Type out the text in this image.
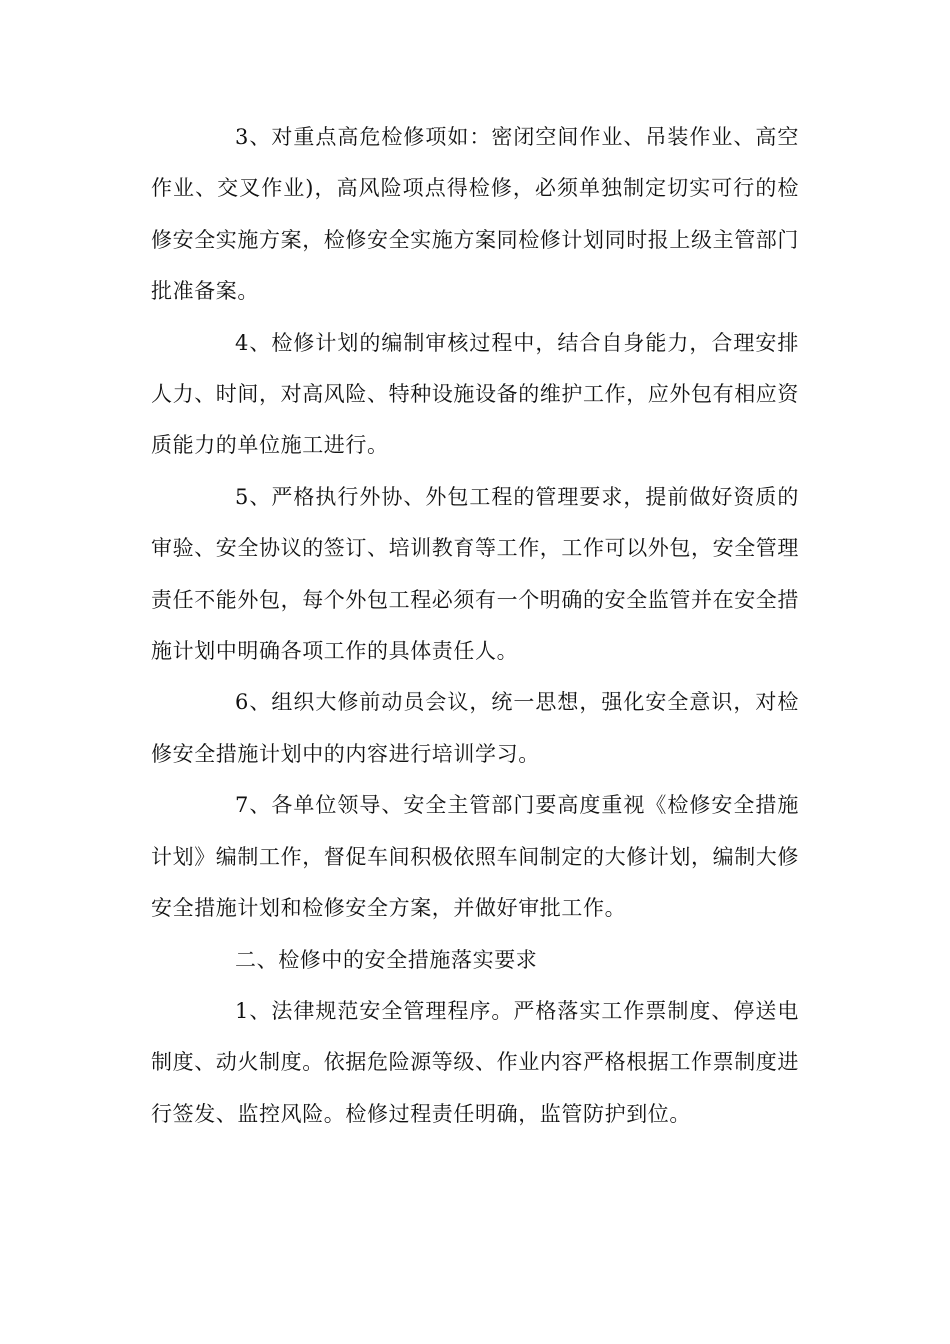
3、对重点高危检修项如：密闭空间作业、吊装作业、高空作业、交叉作业)，高风险项点得检修，必须单独制定切实可行的检修安全实施方案，检修安全实施方案同检修计划同时报上级主管部门批准备案。

4、检修计划的编制审核过程中，结合自身能力，合理安排人力、时间，对高风险、特种设施设备的维护工作，应外包有相应资质能力的单位施工进行。

5、严格执行外协、外包工程的管理要求，提前做好资质的审验、安全协议的签订、培训教育等工作，工作可以外包，安全管理责任不能外包，每个外包工程必须有一个明确的安全监管并在安全措施计划中明确各项工作的具体责任人。

6、组织大修前动员会议，统一思想，强化安全意识，对检修安全措施计划中的内容进行培训学习。

7、各单位领导、安全主管部门要高度重视《检修安全措施计划》编制工作，督促车间积极依照车间制定的大修计划，编制大修安全措施计划和检修安全方案，并做好审批工作。

二、检修中的安全措施落实要求

1、法律规范安全管理程序。严格落实工作票制度、停送电制度、动火制度。依据危险源等级、作业内容严格根据工作票制度进行签发、监控风险。检修过程责任明确，监管防护到位。
